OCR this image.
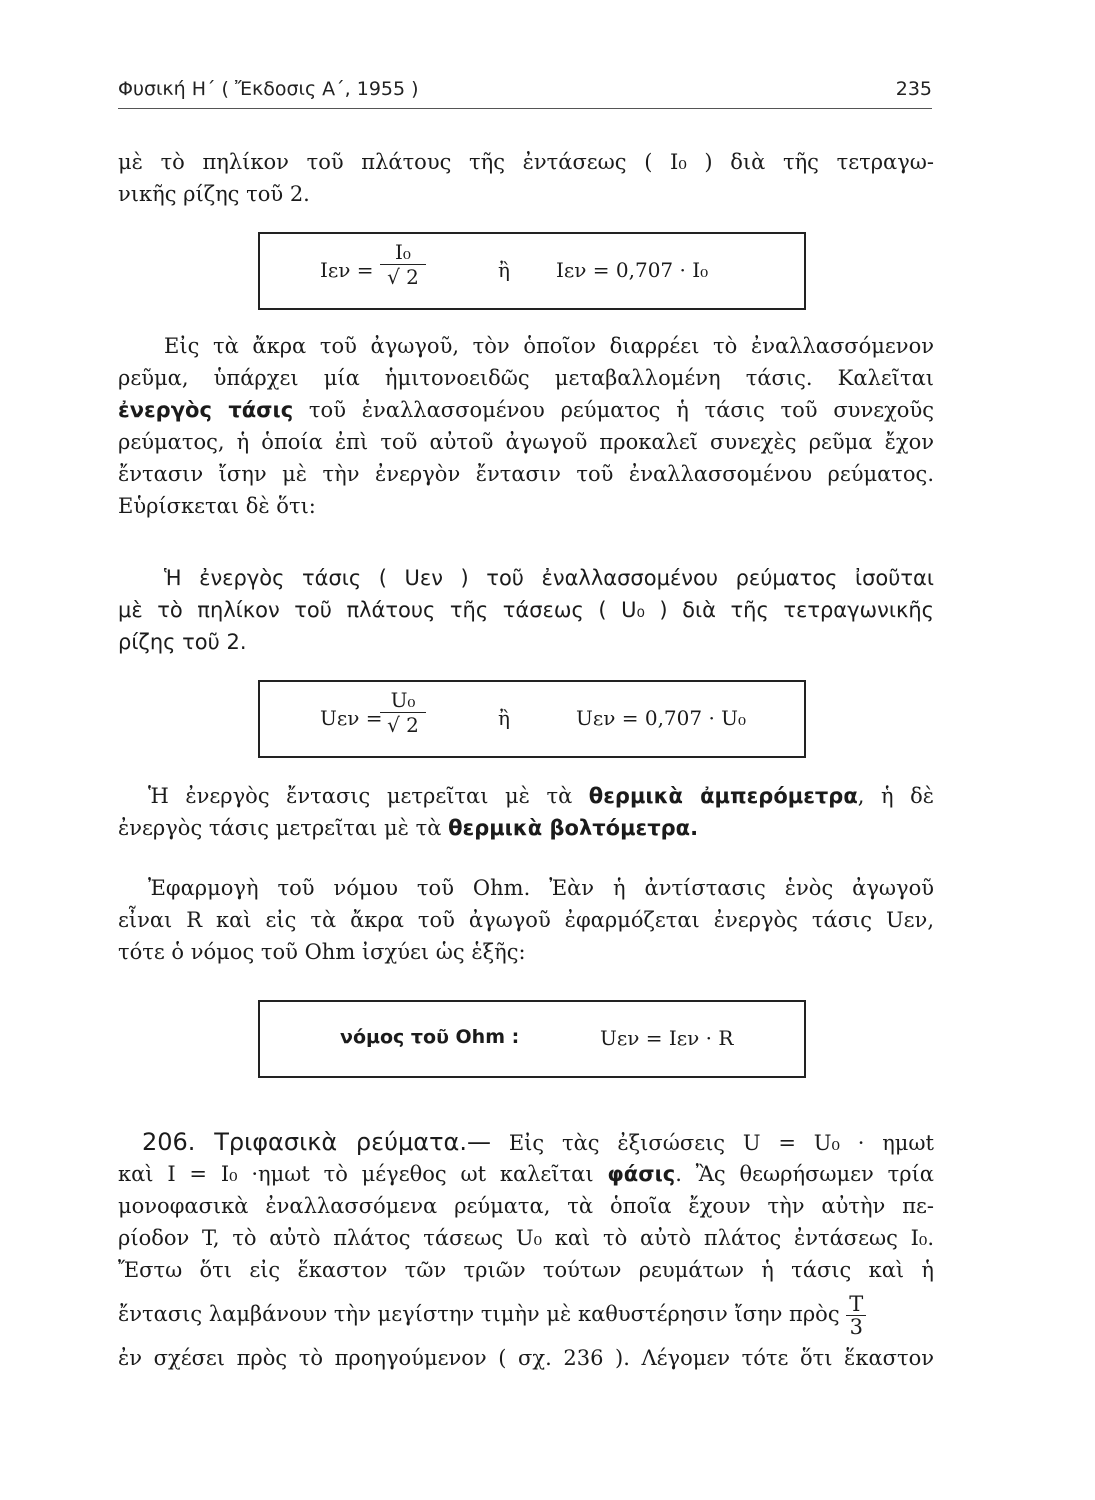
Φυσική Η΄ ( Ἔκδοσις Α΄, 1955 )	235
μὲ τὸ πηλίκον τοῦ πλάτους τῆς ἐντάσεως ( I₀ ) διὰ τῆς τετραγω-
νικῆς ρίζης τοῦ 2.
$I\varepsilon\nu = \frac{\text{I₀}}{√ 2}$	ἢ Iεν = 0,707 · I₀
Εἰς τὰ ἄκρα τοῦ ἀγωγοῦ, τὸν ὁποῖον διαρρέει τὸ ἐναλλασσόμενον
ρεῦμα, ὑπάρχει μία ἡμιτονοειδῶς μεταβαλλομένη τάσις. Καλεῖται
ἐνεργὸς τάσις τοῦ ἐναλλασσομένου ρεύματος ἡ τάσις τοῦ συνεχοῦς
ρεύματος, ἡ ὁποία ἐπὶ τοῦ αὐτοῦ ἀγωγοῦ προκαλεῖ συνεχὲς ρεῦμα ἔχον
ἔντασιν ἴσην μὲ τὴν ἐνεργὸν ἔντασιν τοῦ ἐναλλασσομένου ρεύματος.
Εὑρίσκεται δὲ ὅτι:
Ἡ ἐνεργὸς τάσις ( Uεν ) τοῦ ἐναλλασσομένου ρεύματος ἰσοῦται
μὲ τὸ πηλίκον τοῦ πλάτους τῆς τάσεως ( U₀ ) διὰ τῆς τετραγωνικῆς
ρίζης τοῦ 2.
Uεν =
$\frac{\text{U₀}}{√ 2}$	ἢ	Uεν = 0,707 · U₀
Ἡ ἐνεργὸς ἔντασις μετρεῖται μὲ τὰ θερμικὰ ἀμπερόμετρα, ἡ δὲ
ἐνεργὸς τάσις μετρεῖται μὲ τὰ θερμικὰ βολτόμετρα.
Ἐφαρμογὴ τοῦ νόμου τοῦ Ohm. Ἐὰν ἡ ἀντίστασις ἑνὸς ἀγωγοῦ
εἶναι R καὶ εἰς τὰ ἄκρα τοῦ ἀγωγοῦ ἐφαρμόζεται ἐνεργὸς τάσις Uεν,
τότε ὁ νόμος τοῦ Ohm ἰσχύει ὡς ἑξῆς:
νόμος τοῦ Ohm :	Uεν = Iεν · R
206. Τριφασικὰ ρεύματα.— Εἰς τὰς ἐξισώσεις U = U₀ · ημωt
καὶ I = I₀ ·ημωt τὸ μέγεθος ωt καλεῖται φάσις. Ἂς θεωρήσωμεν τρία
μονοφασικὰ ἐναλλασσόμενα ρεύματα, τὰ ὁποῖα ἔχουν τὴν αὐτὴν πε-
ρίοδον T, τὸ αὐτὸ πλάτος τάσεως U₀ καὶ τὸ αὐτὸ πλάτος ἐντάσεως I₀.
Ἔστω ὅτι εἰς ἕκαστον τῶν τριῶν τούτων ρευμάτων ἡ τάσις καὶ ἡ
ἔντασις λαμβάνουν τὴν μεγίστην τιμὴν μὲ καθυστέρησιν ἴσην πρὸς $\frac{T}{3}$
ἐν σχέσει πρὸς τὸ προηγούμενον ( σχ. 236 ). Λέγομεν τότε ὅτι ἕκαστον
